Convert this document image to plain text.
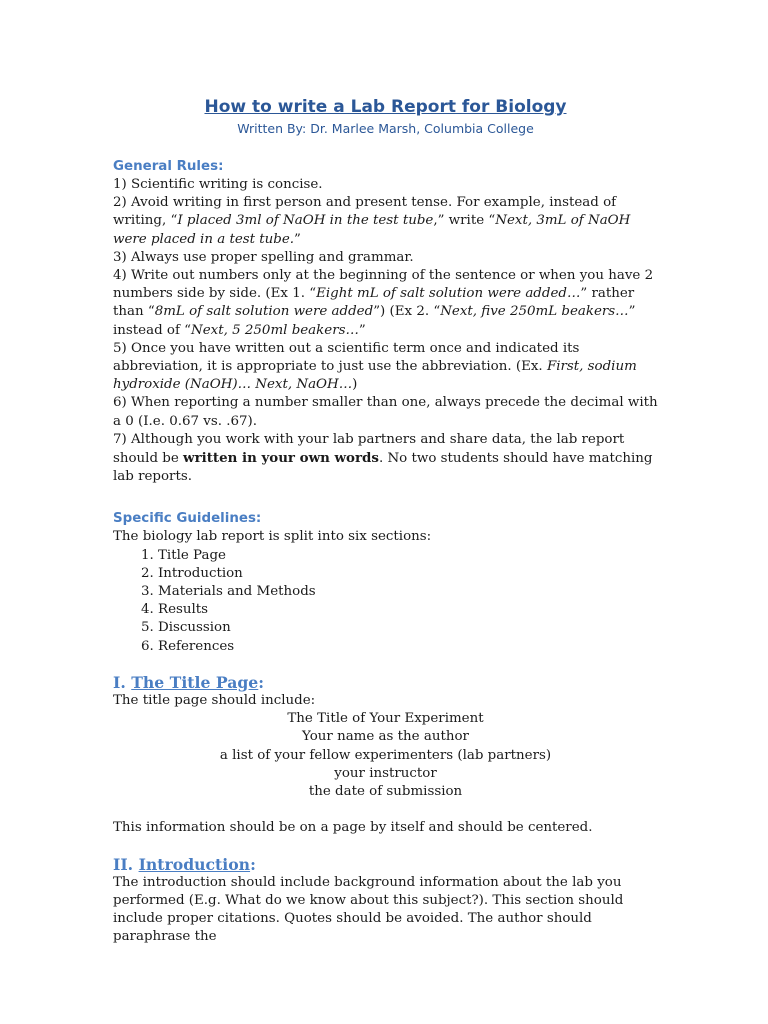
How to write a Lab Report for Biology

Written By: Dr. Marlee Marsh, Columbia College

General Rules:

1) Scientific writing is concise.

2) Avoid writing in first person and present tense. For example, instead of writing, “I placed 3ml of NaOH in the test tube,” write “Next, 3mL of NaOH were placed in a test tube.”

3) Always use proper spelling and grammar.

4) Write out numbers only at the beginning of the sentence or when you have 2 numbers side by side. (Ex 1. “Eight mL of salt solution were added…” rather than “8mL of salt solution were added”) (Ex 2. “Next, five 250mL beakers…” instead of “Next, 5 250ml beakers…”

5) Once you have written out a scientific term once and indicated its abbreviation, it is appropriate to just use the abbreviation. (Ex. First, sodium hydroxide (NaOH)… Next, NaOH…)

6) When reporting a number smaller than one, always precede the decimal with a 0 (I.e. 0.67 vs. .67).

7) Although you work with your lab partners and share data, the lab report should be written in your own words. No two students should have matching lab reports.

Specific Guidelines:

The biology lab report is split into six sections:

1. Title Page
2. Introduction
3. Materials and Methods
4. Results
5. Discussion
6. References
I. The Title Page:

The title page should include:

The Title of Your Experiment

Your name as the author

a list of your fellow experimenters (lab partners)

your instructor

the date of submission

This information should be on a page by itself and should be centered.

II. Introduction:

The introduction should include background information about the lab you performed (E.g. What do we know about this subject?). This section should include proper citations. Quotes should be avoided. The author should paraphrase the
